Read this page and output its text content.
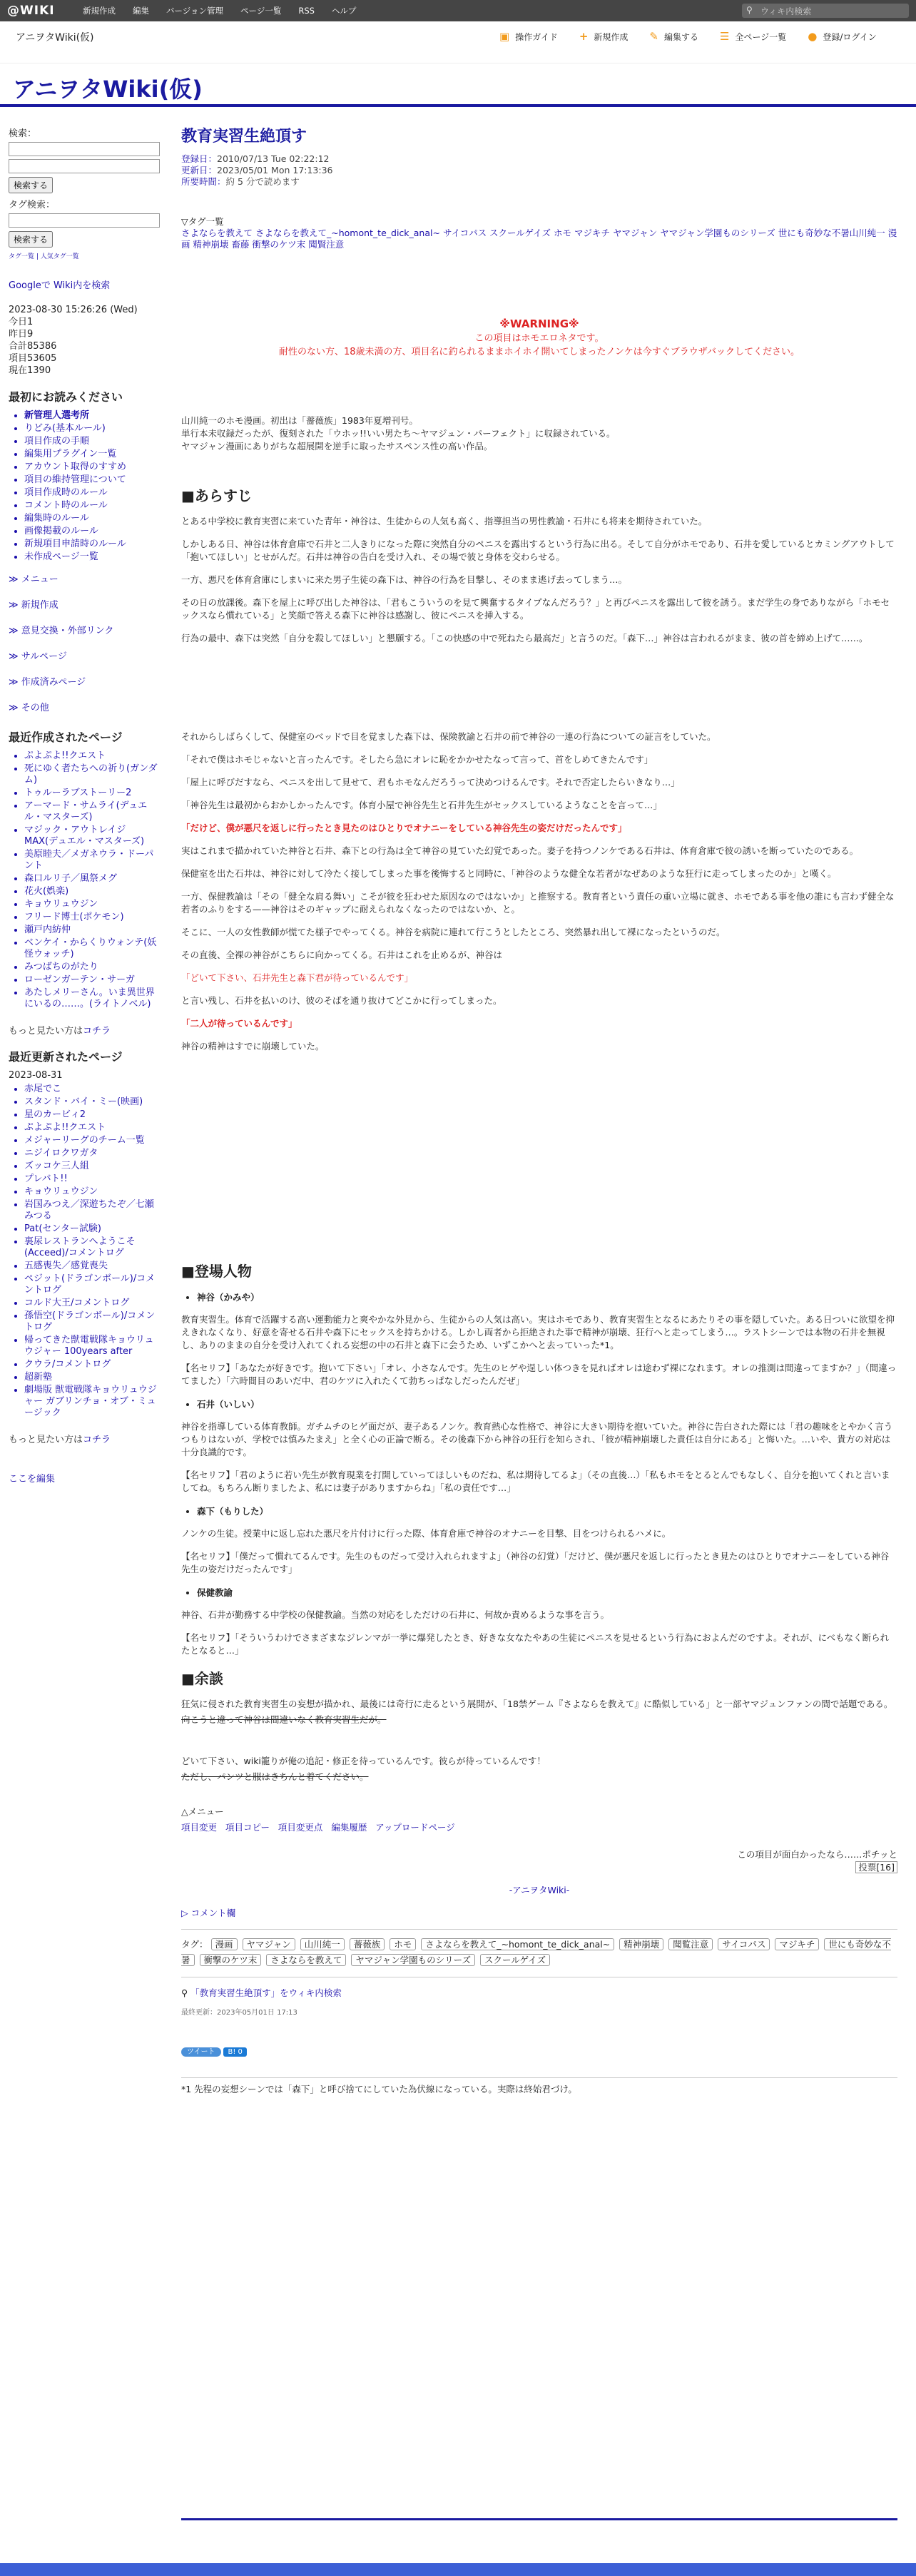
@WIKI	新規作成	編集	バージョン管理	ページ一覧	RSS	ヘルプ	⚲
ウィキ内検索
アニヲタWiki(仮)	▣ 操作ガイド + 新規作成 ✎ 編集する ☰ 全ページ一覧 ● 登録/ログイン
アニヲタWiki(仮)

検索：

検索する

タグ検索：

検索する

タグ一覧 | 人気タグ一覧

Googleで Wiki内を検索

2023-08-30 15:26:26 (Wed)
今日1
昨日9
合計85386
項目53605
現在1390
最初にお読みください
• 新管理人選考所
• りどみ(基本ルール)
• 項目作成の手順
• 編集用プラグイン一覧
• アカウント取得のすすめ
• 項目の維持管理について
• 項目作成時のルール
• コメント時のルール
• 編集時のルール
• 画像掲載のルール
• 新規項目申請時のルール
• 未作成ページ一覧
≫ メニュー
≫ 新規作成
≫ 意見交換・外部リンク
≫ サルページ
≫ 作成済みページ
≫ その他
最近作成されたページ
• ぷよぷよ!!クエスト
• 死にゆく者たちへの祈り(ガンダム)
• トゥルーラブストーリー2
• アーマード・サムライ(デュエル・マスターズ)
• マジック・アウトレイジMAX(デュエル・マスターズ)
• 美原睦夫／メガネウラ・ドーパント
• 森口ルリ子／風祭メグ
• 花火(娯楽)
• キョウリュウジン
• フリード博士(ポケモン)
• 瀬戸内紡仲
• ベンケイ・からくりウォンテ(妖怪ウォッチ)
• みつばちのがたり
• ローゼンガーテン・サーガ
• あたしメリーさん。いま異世界にいるの……。(ライトノベル)

もっと見たい方はコチラ

最近更新されたページ

2023-08-31

• 赤尾でこ
• スタンド・バイ・ミー(映画)
• 星のカービィ2
• ぷよぷよ!!クエスト
• メジャーリーグのチーム一覧
• ニジイロクワガタ
• ズッコケ三人組
• プレバト!!
• キョウリュウジン
• 岩国みつえ／深遊ちたぞ／七瀬みつる
• Pat(センター試験)
• 裏尿レストランへようこそ(Acceed)/コメントログ
• 五感喪失／感覚喪失
• ペジット(ドラゴンボール)/コメントログ
• コルド大王/コメントログ
• 孫悟空(ドラゴンボール)/コメントログ
• 帰ってきた獣電戦隊キョウリュウジャー 100years after
• クウラ/コメントログ
• 超新塾
• 劇場版 獣電戦隊キョウリュウジャー ガブリンチョ・オブ・ミュージック

もっと見たい方はコチラ

ここを編集

教育実習生絶頂す
登録日：2010/07/13 Tue 02:22:12
更新日：2023/05/01 Mon 17:13:36
所要時間：約 5 分で読めます
▽タグ一覧
さよならを教えて さよならを教えて_~homont_te_dick_anal~ サイコパス スクールゲイズ ホモ マジキチ ヤマジャン ヤマジャン学園ものシリーズ 世にも奇妙な不暑山川純一 漫画 精神崩壊 畜藤 衝撃のケツ末 聞賢注意
※WARNING※
この項目はホモエロネタです。
耐性のない方、18歳未満の方、項目名に釣られるままホイホイ開いてしまったノンケは今すぐブラウザバックしてください。
山川純一のホモ漫画。初出は「薔薇族」1983年夏増刊号。
単行本未収録だったが、復刻された「ウホッ!!いい男たち〜ヤマジュン・パーフェクト」に収録されている。
ヤマジャン漫画にありがちな超展開を逆手に取ったサスペンス性の高い作品。
■あらすじ

とある中学校に教育実習に来ていた青年・神谷は、生徒からの人気も高く、指導担当の男性教諭・石井にも将来を期待されていた。

しかしある日、神谷は体育倉庫で石井と二人きりになった際に突然自分のペニスを露出するという行為に出る。そして自分がホモであり、石井を愛しているとカミングアウトして「抱いてほしい」とせがんだ。石井は神谷の告白を受け入れ、その場で彼と身体を交わらせる。

一方、悪尺を体育倉庫にしまいに来た男子生徒の森下は、神谷の行為を目撃し、そのまま逃げ去ってしまう…。

その日の放課後。森下を屋上に呼び出した神谷は、「君もこういうのを見て興奮するタイプなんだろう？」と再びペニスを露出して彼を誘う。まだ学生の身でありながら「ホモセックスなら慣れている」と笑顔で答える森下に神谷は感謝し、彼にペニスを挿入する。

行為の最中、森下は突然「自分を殺してほしい」と懇願する。「この快感の中で死ねたら最高だ」と言うのだ。「森下…」神谷は言われるがまま、彼の首を締め上げて……。

それからしばらくして、保健室のベッドで目を覚ました森下は、保険教諭と石井の前で神谷の一連の行為についての証言をしていた。

「それで僕はホモじゃないと言ったんです。そしたら急にオレに恥をかかせたなって言って、首をしめてきたんです」

「屋上に呼びだすなら、ペニスを出して見せて、君もホモなんだろうって決めつけるんです。それで否定したらいきなり…」

「神谷先生は最初からおかしかったんです。体育小屋で神谷先生と石井先生がセックスしているようなことを言って…」

「だけど、僕が悪尺を返しに行ったとき見たのはひとりでオナニーをしている神谷先生の姿だけだったんです」

実はこれまで描かれていた神谷と石井、森下との行為は全て神谷の見ていた幻覚であった。妻子を持つノンケである石井は、体育倉庫で彼の誘いを断っていたのである。

保健室を出た石井は、神谷に対して冷たく接してしまった事を後悔すると同時に、「神谷のような健全な若者がなぜあのような狂行に走ってしまったのか」と嘆く。

一方、保健教諭は「その「健全な肩る舞い」こそが彼を狂わせた原因なのではないか」と推察する。教育者という責任の重い立場に就き、ホモである事を他の誰にも言わず健全な若者のふりをする——神谷はそのギャップに耐えられなくなったのではないか、と。

そこに、一人の女性教師が慌てた様子でやってくる。神谷を病院に連れて行こうとしたところ、突然暴れ出して裸になったというのだ。

その直後、全裸の神谷がこちらに向かってくる。石井はこれを止めるが、神谷は

「どいて下さい、石井先生と森下君が待っているんです」

と言い残し、石井を払いのけ、彼のそばを通り抜けてどこかに行ってしまった。

「二人が待っているんです」

神谷の精神はすでに崩壊していた。

■登場人物
• 神谷（かみや）

教育実習生。体育で活躍する高い運動能力と爽やかな外見から、生徒からの人気は高い。実はホモであり、教育実習生となるにあたりその事を隠していた。ある日ついに欲望を抑えきれなくなり、好意を寄せる石井や森下にセックスを持ちかける。しかし両者から拒絶された事で精神が崩壊、狂行へと走ってしまう…。ラストシーンでは本物の石井を無視し、ありのままの自分を受け入れてくれる妄想の中の石井と森下に会うため、いずこかへと去っていった*1。

【名セリフ】「あなたが好きです。抱いて下さい」「オレ、小さなんです。先生のヒゲや逞しい体つきを見ればオレは途わず裸になれます。オレの推測は間違ってますか？」（間違ってました）「六時間目のあいだ中、君のケツに入れたくて勃ちっぱなしだったんだぜ」

• 石井（いしい）

神谷を指導している体育教師。ガチムチのヒゲ面だが、妻子あるノンケ。教育熱心な性格で、神谷に大きい期待を抱いていた。神谷に告白された際には「君の趣味をとやかく言うつもりはないが、学校では慎みたまえ」と全く心の正論で断る。その後森下から神谷の狂行を知らされ、「彼が精神崩壊した責任は自分にある」と悔いた。…いや、貴方の対応は十分良識的です。

【名セリフ】「君のように若い先生が教育現業を打開していってほしいものだね、私は期待してるよ」（その直後…）「私もホモをとるとんでもなしく、自分を抱いてくれと言いましてね。もちろん断りましたよ、私には妻子がありますからね」「私の責任です…」

• 森下（もりした）

ノンケの生徒。授業中に返し忘れた悪尺を片付けに行った際、体育倉庫で神谷のオナニーを目撃、目をつけられるハメに。

【名セリフ】「僕だって慣れてるんです。先生のものだって受け入れられますよ」（神谷の幻覚）「だけど、僕が悪尺を返しに行ったとき見たのはひとりでオナニーをしている神谷先生の姿だけだったんです」

• 保健教諭

神谷、石井が勤務する中学校の保健教諭。当然の対応をしただけの石井に、何故か責めるような事を言う。

【名セリフ】「そういうわけでさまざまなジレンマが一挙に爆発したとき、好きな女なたやあの生徒にペニスを見せるという行為におよんだのですよ。それが、にべもなく断られたとなると…」

■余談

狂気に侵された教育実習生の妄想が描かれ、最後には奇行に走るという展開が、「18禁ゲーム『さよならを教えて』に酷似している」と一部ヤマジュンファンの間で話題である。

向こうと違って神谷は間違いなく教育実習生だが。

どいて下さい、wiki籠りが俺の追記・修正を待っているんです。彼らが待っているんです！

ただし、パンツと服はきちんと着てください。

△メニュー
項目変更 項目コピー 項目変更点 編集履歴 アップロードページ
この項目が面白かったなら……ポチッと
投票[16]
-アニヲタWiki-
▷ コメント欄
タグ： 漫画 ヤマジャン 山川純一 薔薇族 ホモ さよならを教えて_~homont_te_dick_anal~ 精神崩壊 聞覧注意 サイコパス マジキチ 世にも奇妙な不暑 衝撃のケツ末 さよならを教えて ヤマジャン学園ものシリーズ スクールゲイズ
⚲ 「教育実習生絶頂す」をウィキ内検索
最終更新：2023年05月01日 17:13
ツイート B! 0
*1 先程の妄想シーンでは「森下」と呼び捨てにしていた為伏線になっている。実際は終始君づけ。
